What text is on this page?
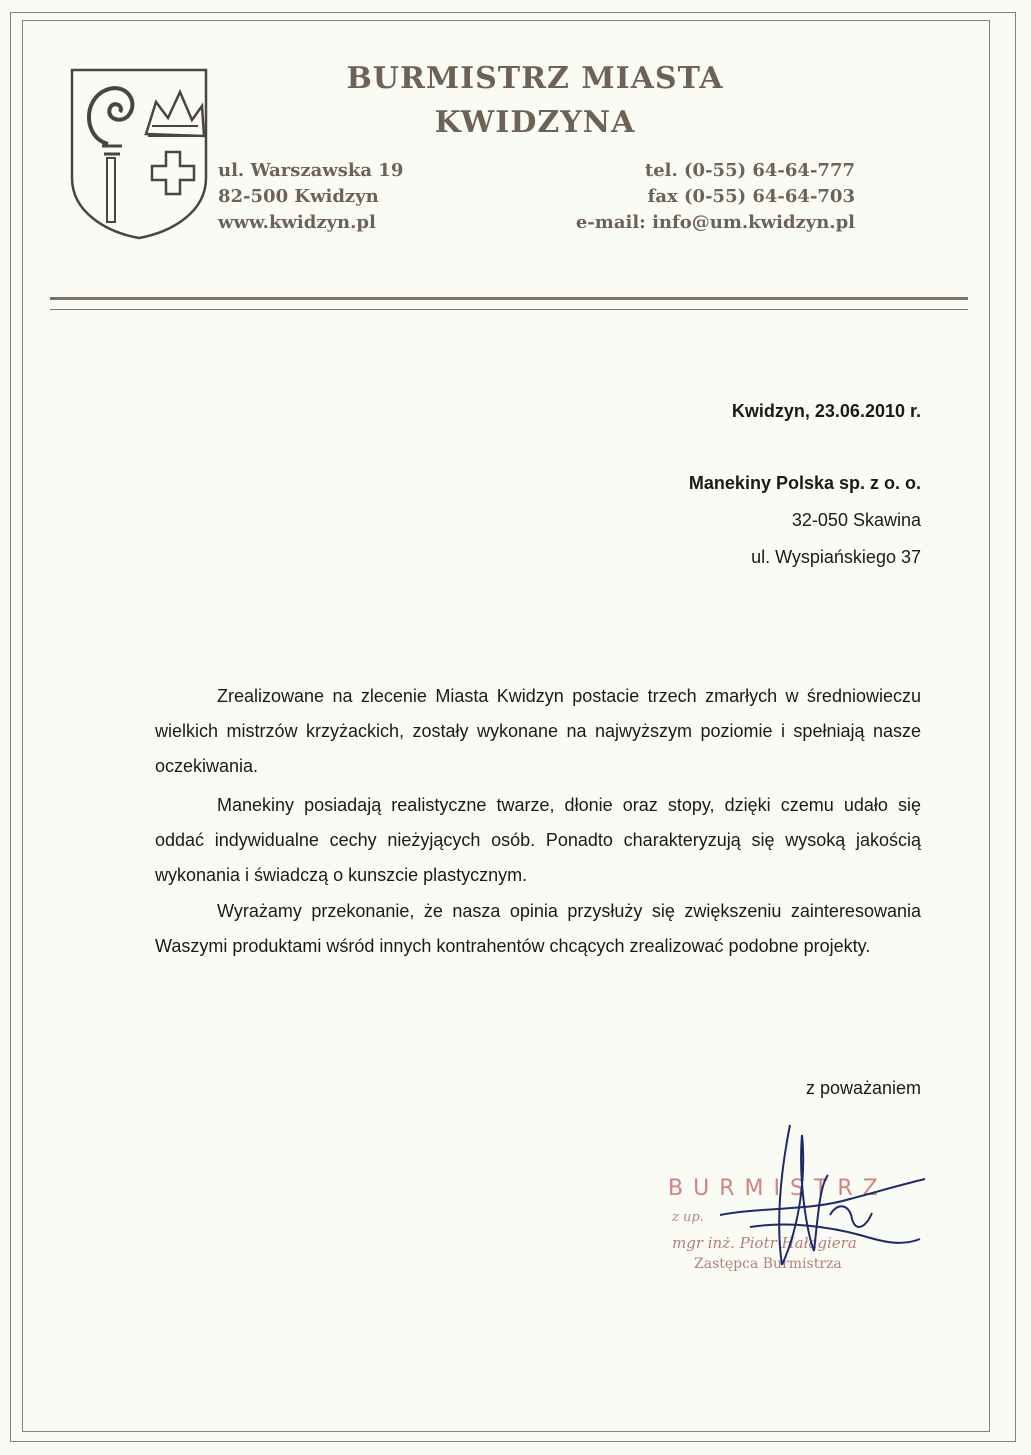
BURMISTRZ MIASTA
KWIDZYNA
ul. Warszawska 19
82-500 Kwidzyn
www.kwidzyn.pl
tel. (0-55) 64-64-777
fax (0-55) 64-64-703
e-mail: info@um.kwidzyn.pl
Kwidzyn, 23.06.2010 r.
Manekiny Polska sp. z o. o.
32-050 Skawina
ul. Wyspiańskiego 37

Zrealizowane na zlecenie Miasta Kwidzyn postacie trzech zmarłych w średniowieczu wielkich mistrzów krzyżackich, zostały wykonane na najwyższym poziomie i spełniają nasze oczekiwania.

Manekiny posiadają realistyczne twarze, dłonie oraz stopy, dzięki czemu udało się oddać indywidualne cechy nieżyjących osób. Ponadto charakteryzują się wysoką jakością wykonania i świadczą o kunszcie plastycznym.

Wyrażamy przekonanie, że nasza opinia przysłuży się zwiększeniu zainteresowania Waszymi produktami wśród innych kontrahentów chcących zrealizować podobne projekty.

z poważaniem
BURMISTRZ
z up.
mgr inż. Piotr Hałagiera
Zastępca Burmistrza
